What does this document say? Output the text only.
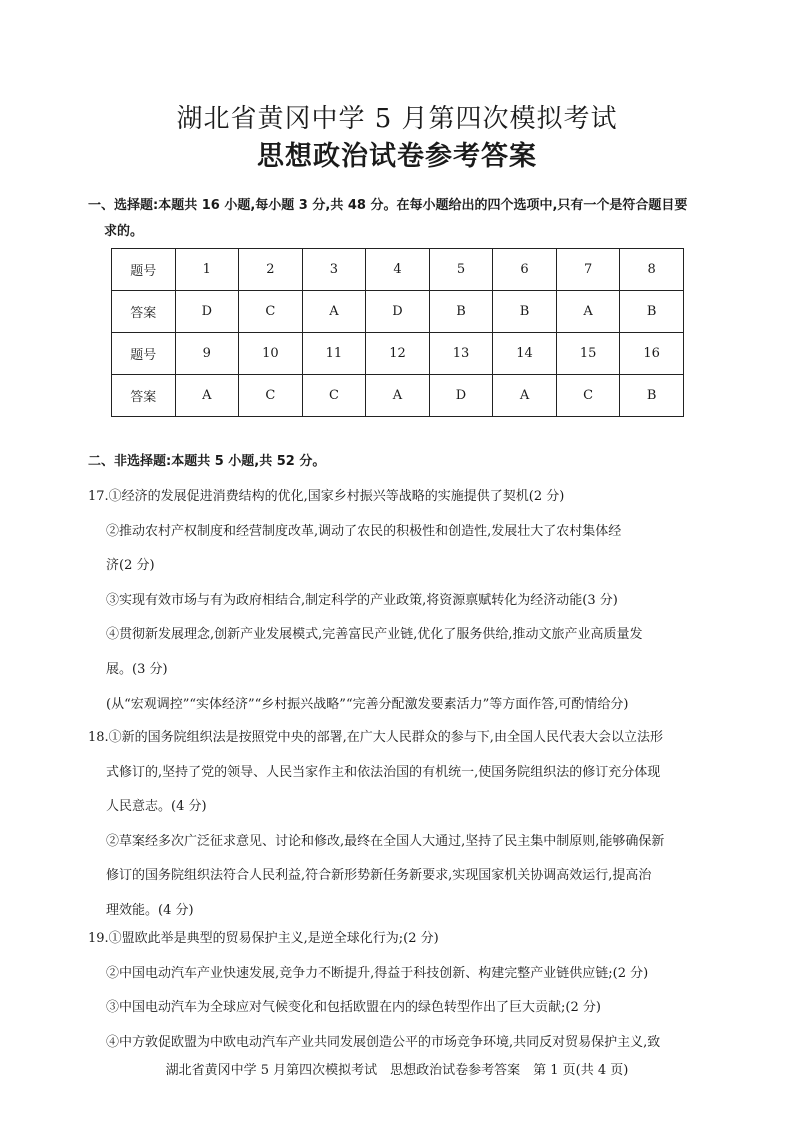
湖北省黄冈中学 5 月第四次模拟考试
思想政治试卷参考答案
一、选择题:本题共 16 小题,每小题 3 分,共 48 分。在每小题给出的四个选项中,只有一个是符合题目要
求的。
题号	1	2	3	4	5	6	7	8
答案	D	C	A	D	B	B	A	B
题号	9	10	11	12	13	14	15	16
答案	A	C	C	A	D	A	C	B
二、非选择题:本题共 5 小题,共 52 分。

17.①经济的发展促进消费结构的优化,国家乡村振兴等战略的实施提供了契机(2 分)

②推动农村产权制度和经营制度改革,调动了农民的积极性和创造性,发展壮大了农村集体经

济(2 分)

③实现有效市场与有为政府相结合,制定科学的产业政策,将资源禀赋转化为经济动能(3 分)

④贯彻新发展理念,创新产业发展模式,完善富民产业链,优化了服务供给,推动文旅产业高质量发

展。(3 分)

(从“宏观调控”“实体经济”“乡村振兴战略”“完善分配激发要素活力”等方面作答,可酌情给分)

18.①新的国务院组织法是按照党中央的部署,在广大人民群众的参与下,由全国人民代表大会以立法形

式修订的,坚持了党的领导、人民当家作主和依法治国的有机统一,使国务院组织法的修订充分体现

人民意志。(4 分)

②草案经多次广泛征求意见、讨论和修改,最终在全国人大通过,坚持了民主集中制原则,能够确保新

修订的国务院组织法符合人民利益,符合新形势新任务新要求,实现国家机关协调高效运行,提高治

理效能。(4 分)

19.①盟欧此举是典型的贸易保护主义,是逆全球化行为;(2 分)

②中国电动汽车产业快速发展,竞争力不断提升,得益于科技创新、构建完整产业链供应链;(2 分)

③中国电动汽车为全球应对气候变化和包括欧盟在内的绿色转型作出了巨大贡献;(2 分)

④中方敦促欧盟为中欧电动汽车产业共同发展创造公平的市场竞争环境,共同反对贸易保护主义,致

湖北省黄冈中学 5 月第四次模拟考试　思想政治试卷参考答案　第 1 页(共 4 页)
